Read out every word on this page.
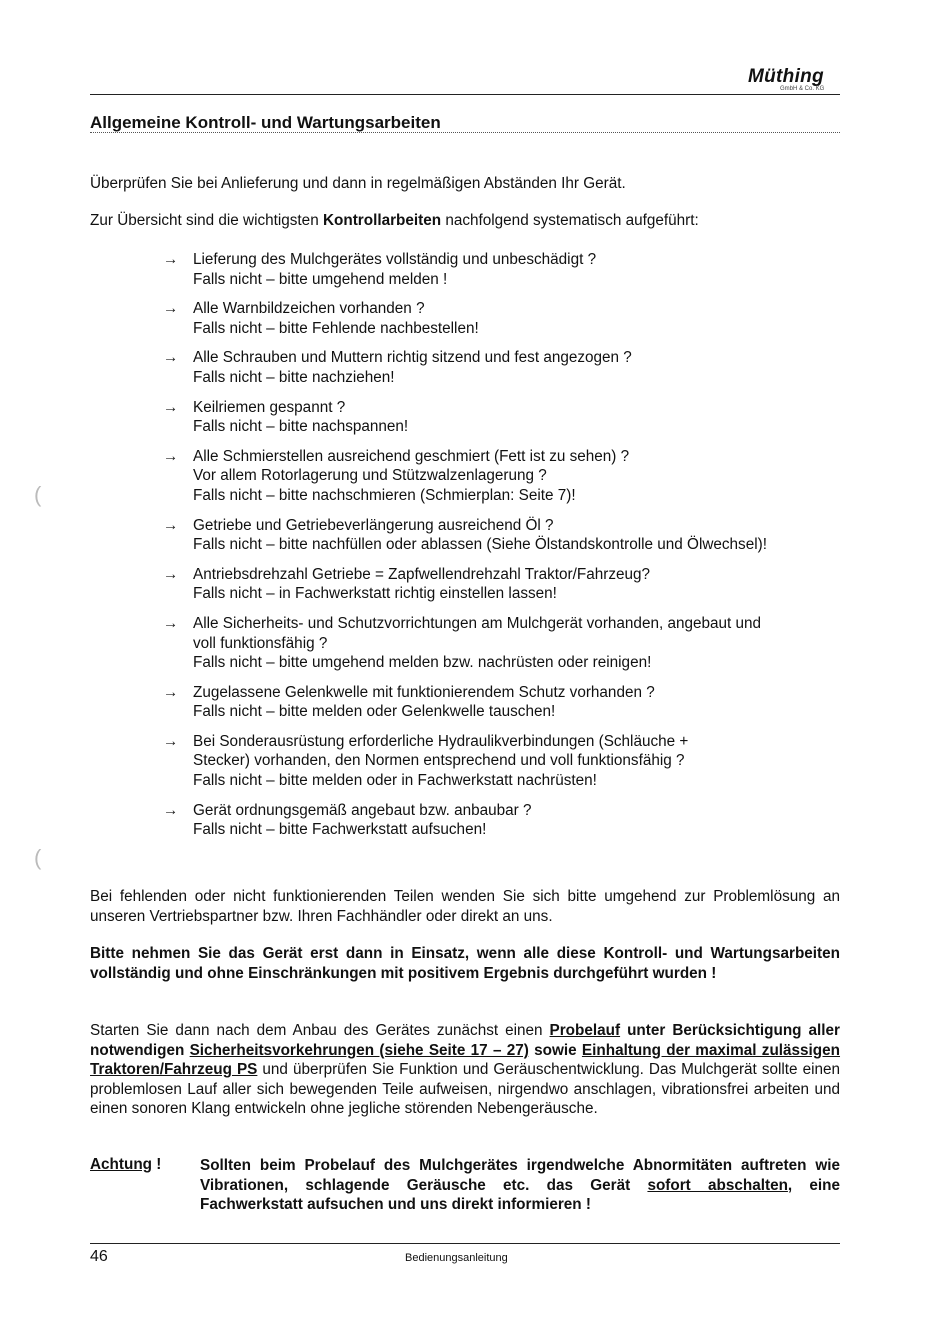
Müthing
GmbH & Co. KG
Allgemeine Kontroll- und Wartungsarbeiten
Überprüfen Sie bei Anlieferung und dann in regelmäßigen Abständen Ihr Gerät.
Zur Übersicht sind die wichtigsten Kontrollarbeiten nachfolgend systematisch aufgeführt:
→ Lieferung des Mulchgerätes vollständig und unbeschädigt ?
Falls nicht – bitte umgehend melden !
→ Alle Warnbildzeichen vorhanden ?
Falls nicht – bitte Fehlende nachbestellen!
→ Alle Schrauben und Muttern richtig sitzend und fest angezogen ?
Falls nicht – bitte nachziehen!
→ Keilriemen gespannt ?
Falls nicht – bitte nachspannen!
→ Alle Schmierstellen ausreichend geschmiert (Fett ist zu sehen) ?
Vor allem Rotorlagerung und Stützwalzenlagerung ?
Falls nicht – bitte nachschmieren (Schmierplan: Seite 7)!
→ Getriebe und Getriebeverlängerung ausreichend Öl ?
Falls nicht – bitte nachfüllen oder ablassen (Siehe Ölstandskontrolle und Ölwechsel)!
→ Antriebsdrehzahl Getriebe = Zapfwellendrehzahl Traktor/Fahrzeug?
Falls nicht – in Fachwerkstatt richtig einstellen lassen!
→ Alle Sicherheits- und Schutzvorrichtungen am Mulchgerät vorhanden, angebaut und
voll funktionsfähig ?
Falls nicht – bitte umgehend melden bzw. nachrüsten oder reinigen!
→ Zugelassene Gelenkwelle mit funktionierendem Schutz vorhanden ?
Falls nicht – bitte melden oder Gelenkwelle tauschen!
→ Bei Sonderausrüstung erforderliche Hydraulikverbindungen (Schläuche +
Stecker) vorhanden, den Normen entsprechend und voll funktionsfähig ?
Falls nicht – bitte melden oder in Fachwerkstatt nachrüsten!
→ Gerät ordnungsgemäß angebaut bzw. anbaubar ?
Falls nicht – bitte Fachwerkstatt aufsuchen!
Bei fehlenden oder nicht funktionierenden Teilen wenden Sie sich bitte umgehend zur Problemlösung an unseren Vertriebspartner bzw. Ihren Fachhändler oder direkt an uns.
Bitte nehmen Sie das Gerät erst dann in Einsatz, wenn alle diese Kontroll- und Wartungsarbeiten vollständig und ohne Einschränkungen mit positivem Ergebnis durchgeführt wurden !
Starten Sie dann nach dem Anbau des Gerätes zunächst einen Probelauf unter Berücksichtigung aller notwendigen Sicherheitsvorkehrungen (siehe Seite 17 – 27) sowie Einhaltung der maximal zulässigen Traktoren/Fahrzeug PS und überprüfen Sie Funktion und Geräuschentwicklung. Das Mulchgerät sollte einen problemlosen Lauf aller sich bewegenden Teile aufweisen, nirgendwo anschlagen, vibrationsfrei arbeiten und einen sonoren Klang entwickeln ohne jegliche störenden Nebengeräusche.
Achtung !	Sollten beim Probelauf des Mulchgerätes irgendwelche Abnormitäten auftreten wie Vibrationen, schlagende Geräusche etc. das Gerät sofort abschalten, eine Fachwerkstatt aufsuchen und uns direkt informieren !
46	Bedienungsanleitung
(
(
